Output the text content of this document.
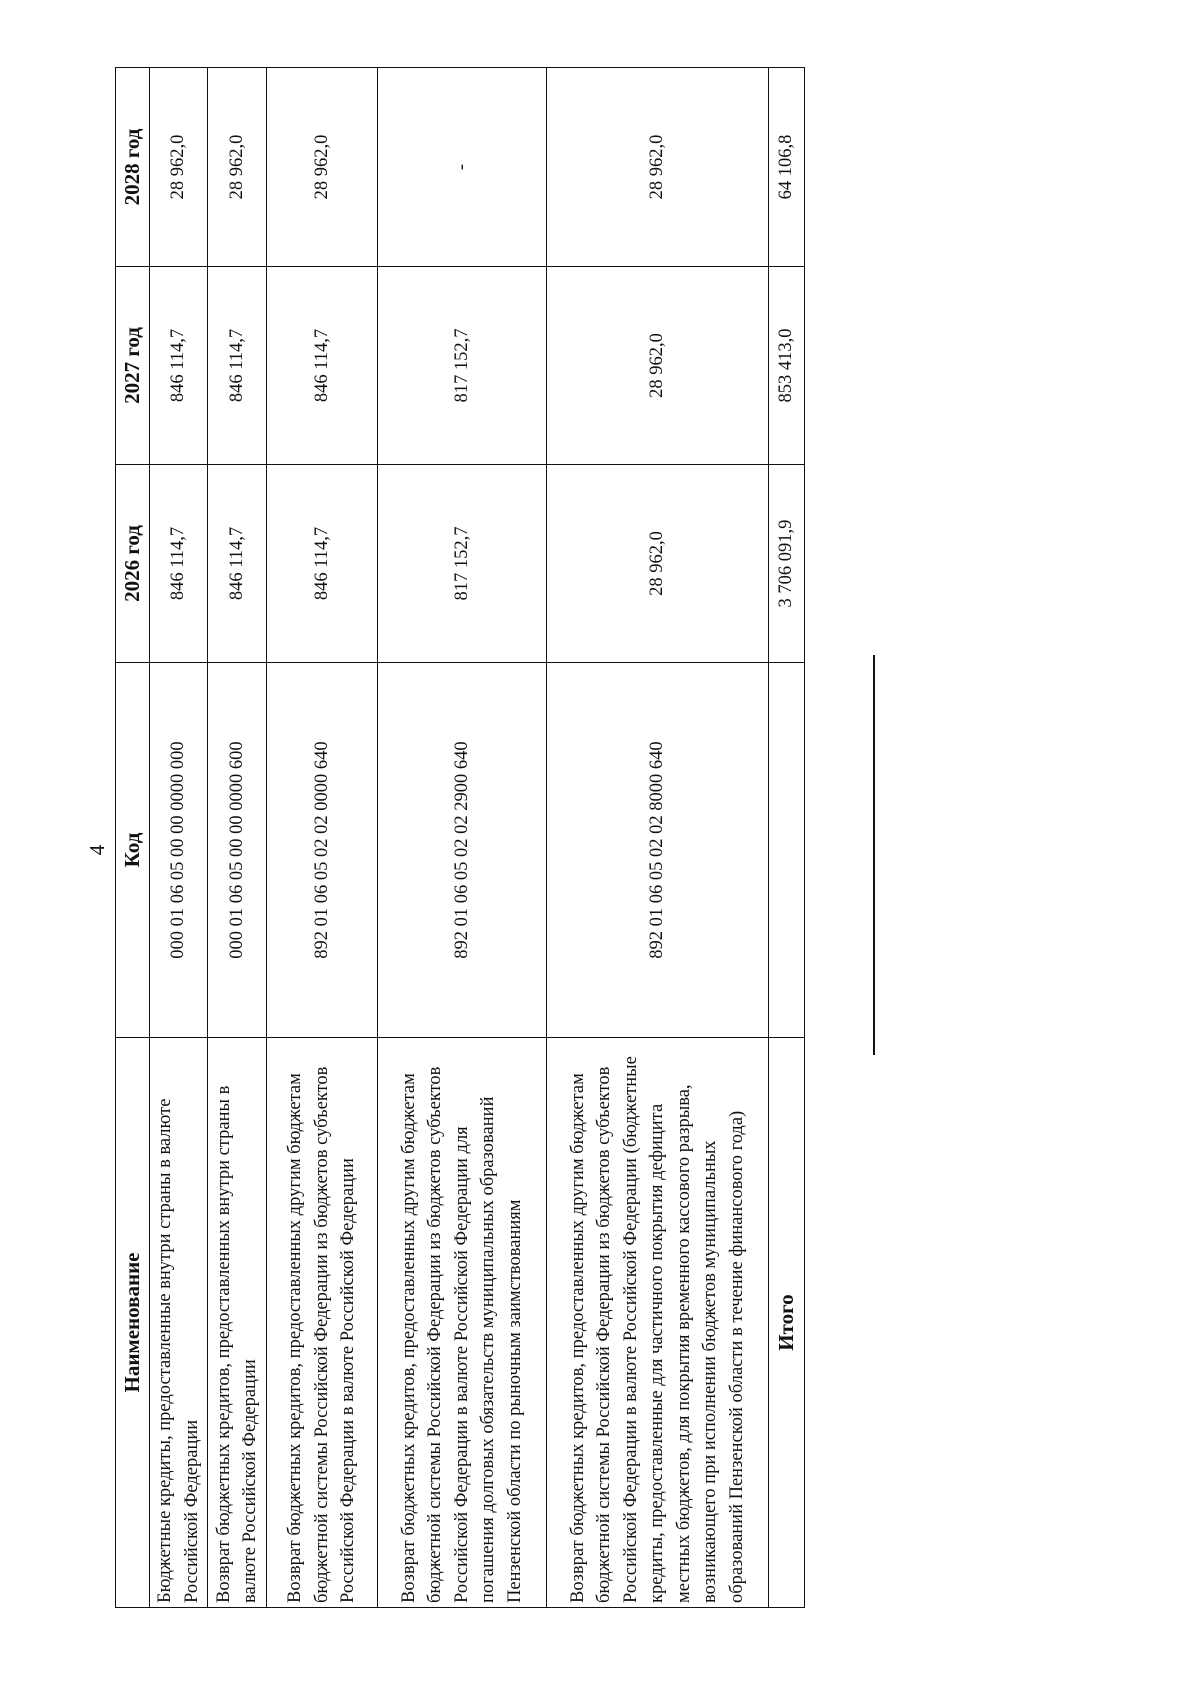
4
Наименование	Код	2026 год	2027 год	2028 год
Бюджетные кредиты, предоставленные внутри страны в валюте Российской Федерации	000 01 06 05 00 00 0000 000	846 114,7	846 114,7	28 962,0
Возврат бюджетных кредитов, предоставленных внутри страны в валюте Российской Федерации	000 01 06 05 00 00 0000 600	846 114,7	846 114,7	28 962,0
Возврат бюджетных кредитов, предоставленных другим бюджетам бюджетной системы Российской Федерации из бюджетов субъектов Российской Федерации в валюте Российской Федерации	892 01 06 05 02 02 0000 640	846 114,7	846 114,7	28 962,0
Возврат бюджетных кредитов, предоставленных другим бюджетам бюджетной системы Российской Федерации из бюджетов субъектов Российской Федерации в валюте Российской Федерации для погашения долговых обязательств муниципальных образований Пензенской области по рыночным заимствованиям	892 01 06 05 02 02 2900 640	817 152,7	817 152,7	-
Возврат бюджетных кредитов, предоставленных другим бюджетам бюджетной системы Российской Федерации из бюджетов субъектов Российской Федерации в валюте Российской Федерации (бюджетные кредиты, предоставленные для частичного покрытия дефицита местных бюджетов, для покрытия временного кассового разрыва, возникающего при исполнении бюджетов муниципальных образований Пензенской области в течение финансового года)	892 01 06 05 02 02 8000 640	28 962,0	28 962,0	28 962,0
Итого		3 706 091,9	853 413,0	64 106,8
